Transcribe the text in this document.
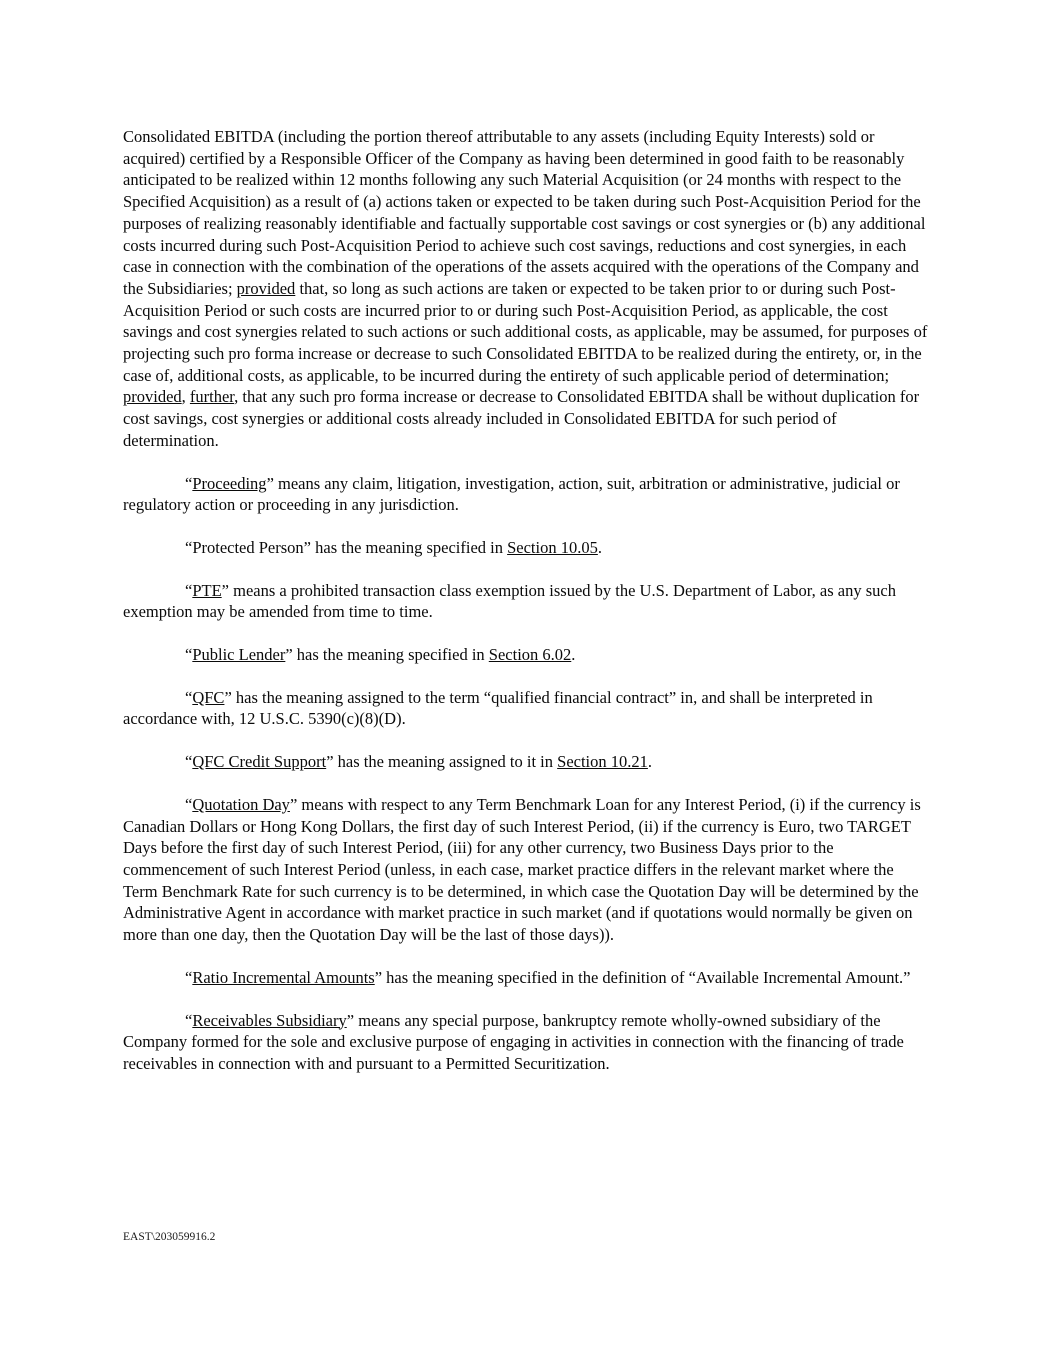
Consolidated EBITDA (including the portion thereof attributable to any assets (including Equity Interests) sold or acquired) certified by a Responsible Officer of the Company as having been determined in good faith to be reasonably anticipated to be realized within 12 months following any such Material Acquisition (or 24 months with respect to the Specified Acquisition) as a result of (a) actions taken or expected to be taken during such Post-Acquisition Period for the purposes of realizing reasonably identifiable and factually supportable cost savings or cost synergies or (b) any additional costs incurred during such Post-Acquisition Period to achieve such cost savings, reductions and cost synergies, in each case in connection with the combination of the operations of the assets acquired with the operations of the Company and the Subsidiaries; provided that, so long as such actions are taken or expected to be taken prior to or during such Post-Acquisition Period or such costs are incurred prior to or during such Post-Acquisition Period, as applicable, the cost savings and cost synergies related to such actions or such additional costs, as applicable, may be assumed, for purposes of projecting such pro forma increase or decrease to such Consolidated EBITDA to be realized during the entirety, or, in the case of, additional costs, as applicable, to be incurred during the entirety of such applicable period of determination; provided, further, that any such pro forma increase or decrease to Consolidated EBITDA shall be without duplication for cost savings, cost synergies or additional costs already included in Consolidated EBITDA for such period of determination.

“Proceeding” means any claim, litigation, investigation, action, suit, arbitration or administrative, judicial or regulatory action or proceeding in any jurisdiction.

“Protected Person” has the meaning specified in Section 10.05.

“PTE” means a prohibited transaction class exemption issued by the U.S. Department of Labor, as any such exemption may be amended from time to time.

“Public Lender” has the meaning specified in Section 6.02.

“QFC” has the meaning assigned to the term “qualified financial contract” in, and shall be interpreted in accordance with, 12 U.S.C. 5390(c)(8)(D).

“QFC Credit Support” has the meaning assigned to it in Section 10.21.

“Quotation Day” means with respect to any Term Benchmark Loan for any Interest Period, (i) if the currency is Canadian Dollars or Hong Kong Dollars, the first day of such Interest Period, (ii) if the currency is Euro, two TARGET Days before the first day of such Interest Period, (iii) for any other currency, two Business Days prior to the commencement of such Interest Period (unless, in each case, market practice differs in the relevant market where the Term Benchmark Rate for such currency is to be determined, in which case the Quotation Day will be determined by the Administrative Agent in accordance with market practice in such market (and if quotations would normally be given on more than one day, then the Quotation Day will be the last of those days)).

“Ratio Incremental Amounts” has the meaning specified in the definition of “Available Incremental Amount.”

“Receivables Subsidiary” means any special purpose, bankruptcy remote wholly-owned subsidiary of the Company formed for the sole and exclusive purpose of engaging in activities in connection with the financing of trade receivables in connection with and pursuant to a Permitted Securitization.

EAST\203059916.2
